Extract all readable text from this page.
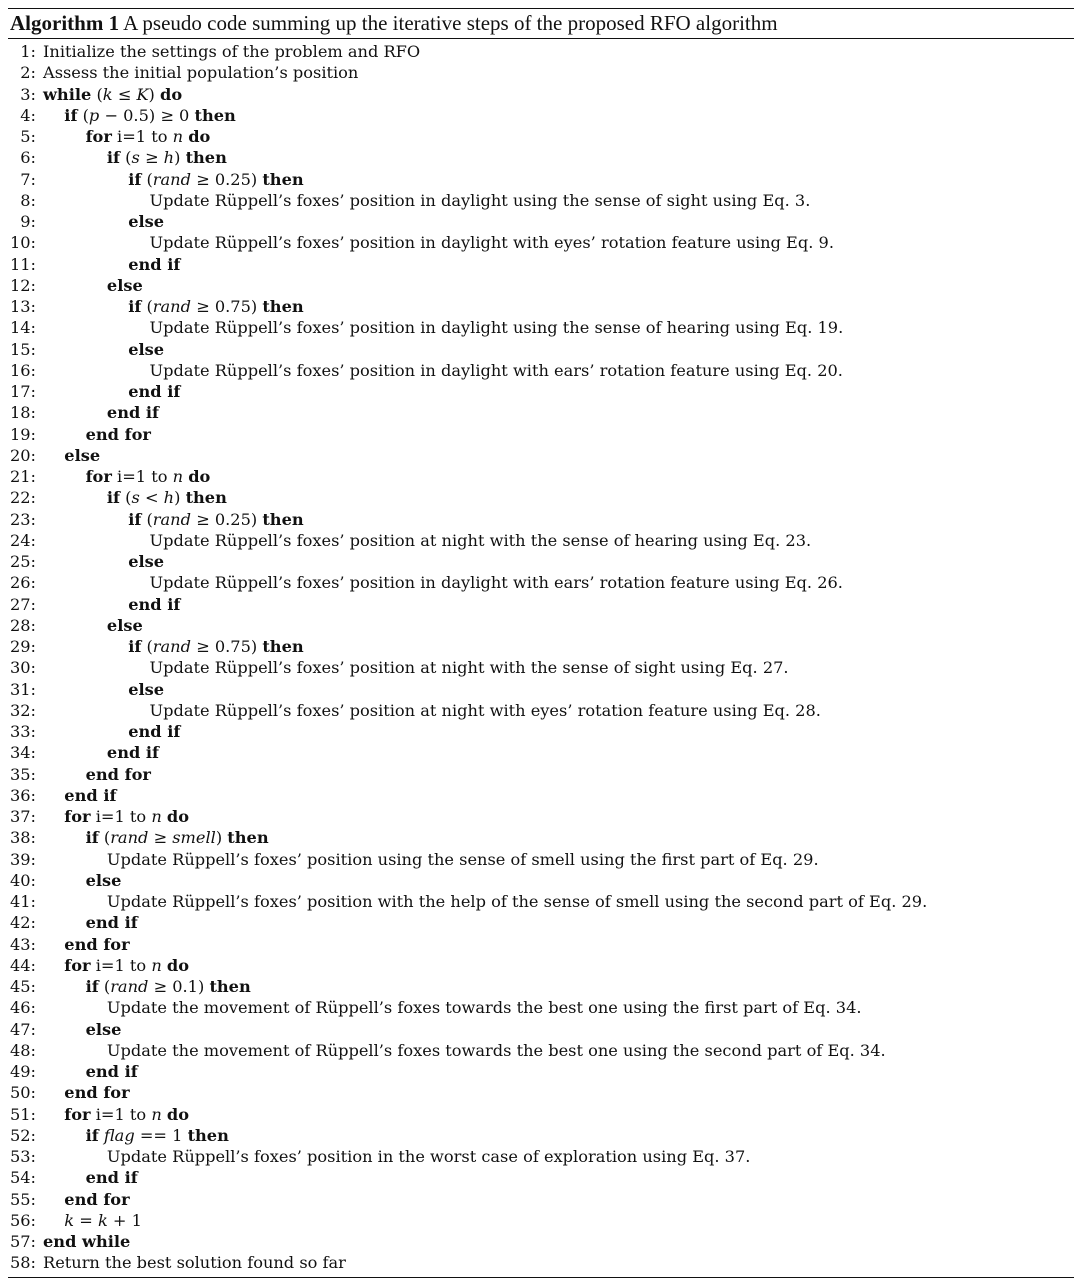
Algorithm 1 A pseudo code summing up the iterative steps of the proposed RFO algorithm
1: Initialize the settings of the problem and RFO
2: Assess the initial population’s position
3: while (k ≤ K) do
4: if (p − 0.5) ≥ 0 then
5:	for i=1 to n do
6:	if (s ≥ h) then
7:	if (rand ≥ 0.25) then
8:	Update Rüppell’s foxes’ position in daylight using the sense of sight using Eq. 3.
9:	else
10:	Update Rüppell’s foxes’ position in daylight with eyes’ rotation feature using Eq. 9.
11:	end if
12:	else
13:	if (rand ≥ 0.75) then
14:	Update Rüppell’s foxes’ position in daylight using the sense of hearing using Eq. 19.
15:	else
16:	Update Rüppell’s foxes’ position in daylight with ears’ rotation feature using Eq. 20.
17:	end if
18:	end if
19:	end for
20: else
21:	for i=1 to n do
22:	if (s < h) then
23:	if (rand ≥ 0.25) then
24:	Update Rüppell’s foxes’ position at night with the sense of hearing using Eq. 23.
25:	else
26:	Update Rüppell’s foxes’ position in daylight with ears’ rotation feature using Eq. 26.
27:	end if
28:	else
29:	if (rand ≥ 0.75) then
30:	Update Rüppell’s foxes’ position at night with the sense of sight using Eq. 27.
31:	else
32:	Update Rüppell’s foxes’ position at night with eyes’ rotation feature using Eq. 28.
33:	end if
34:	end if
35:	end for
36: end if
37: for i=1 to n do
38:	if (rand ≥ smell) then
39:	Update Rüppell’s foxes’ position using the sense of smell using the first part of Eq. 29.
40:	else
41:	Update Rüppell’s foxes’ position with the help of the sense of smell using the second part of Eq. 29.
42:	end if
43: end for
44: for i=1 to n do
45:	if (rand ≥ 0.1) then
46:	Update the movement of Rüppell’s foxes towards the best one using the first part of Eq. 34.
47:	else
48:	Update the movement of Rüppell’s foxes towards the best one using the second part of Eq. 34.
49:	end if
50: end for
51: for i=1 to n do
52:	if flag == 1 then
53:	Update Rüppell’s foxes’ position in the worst case of exploration using Eq. 37.
54:	end if
55: end for
56: k = k + 1
57: end while
58: Return the best solution found so far
